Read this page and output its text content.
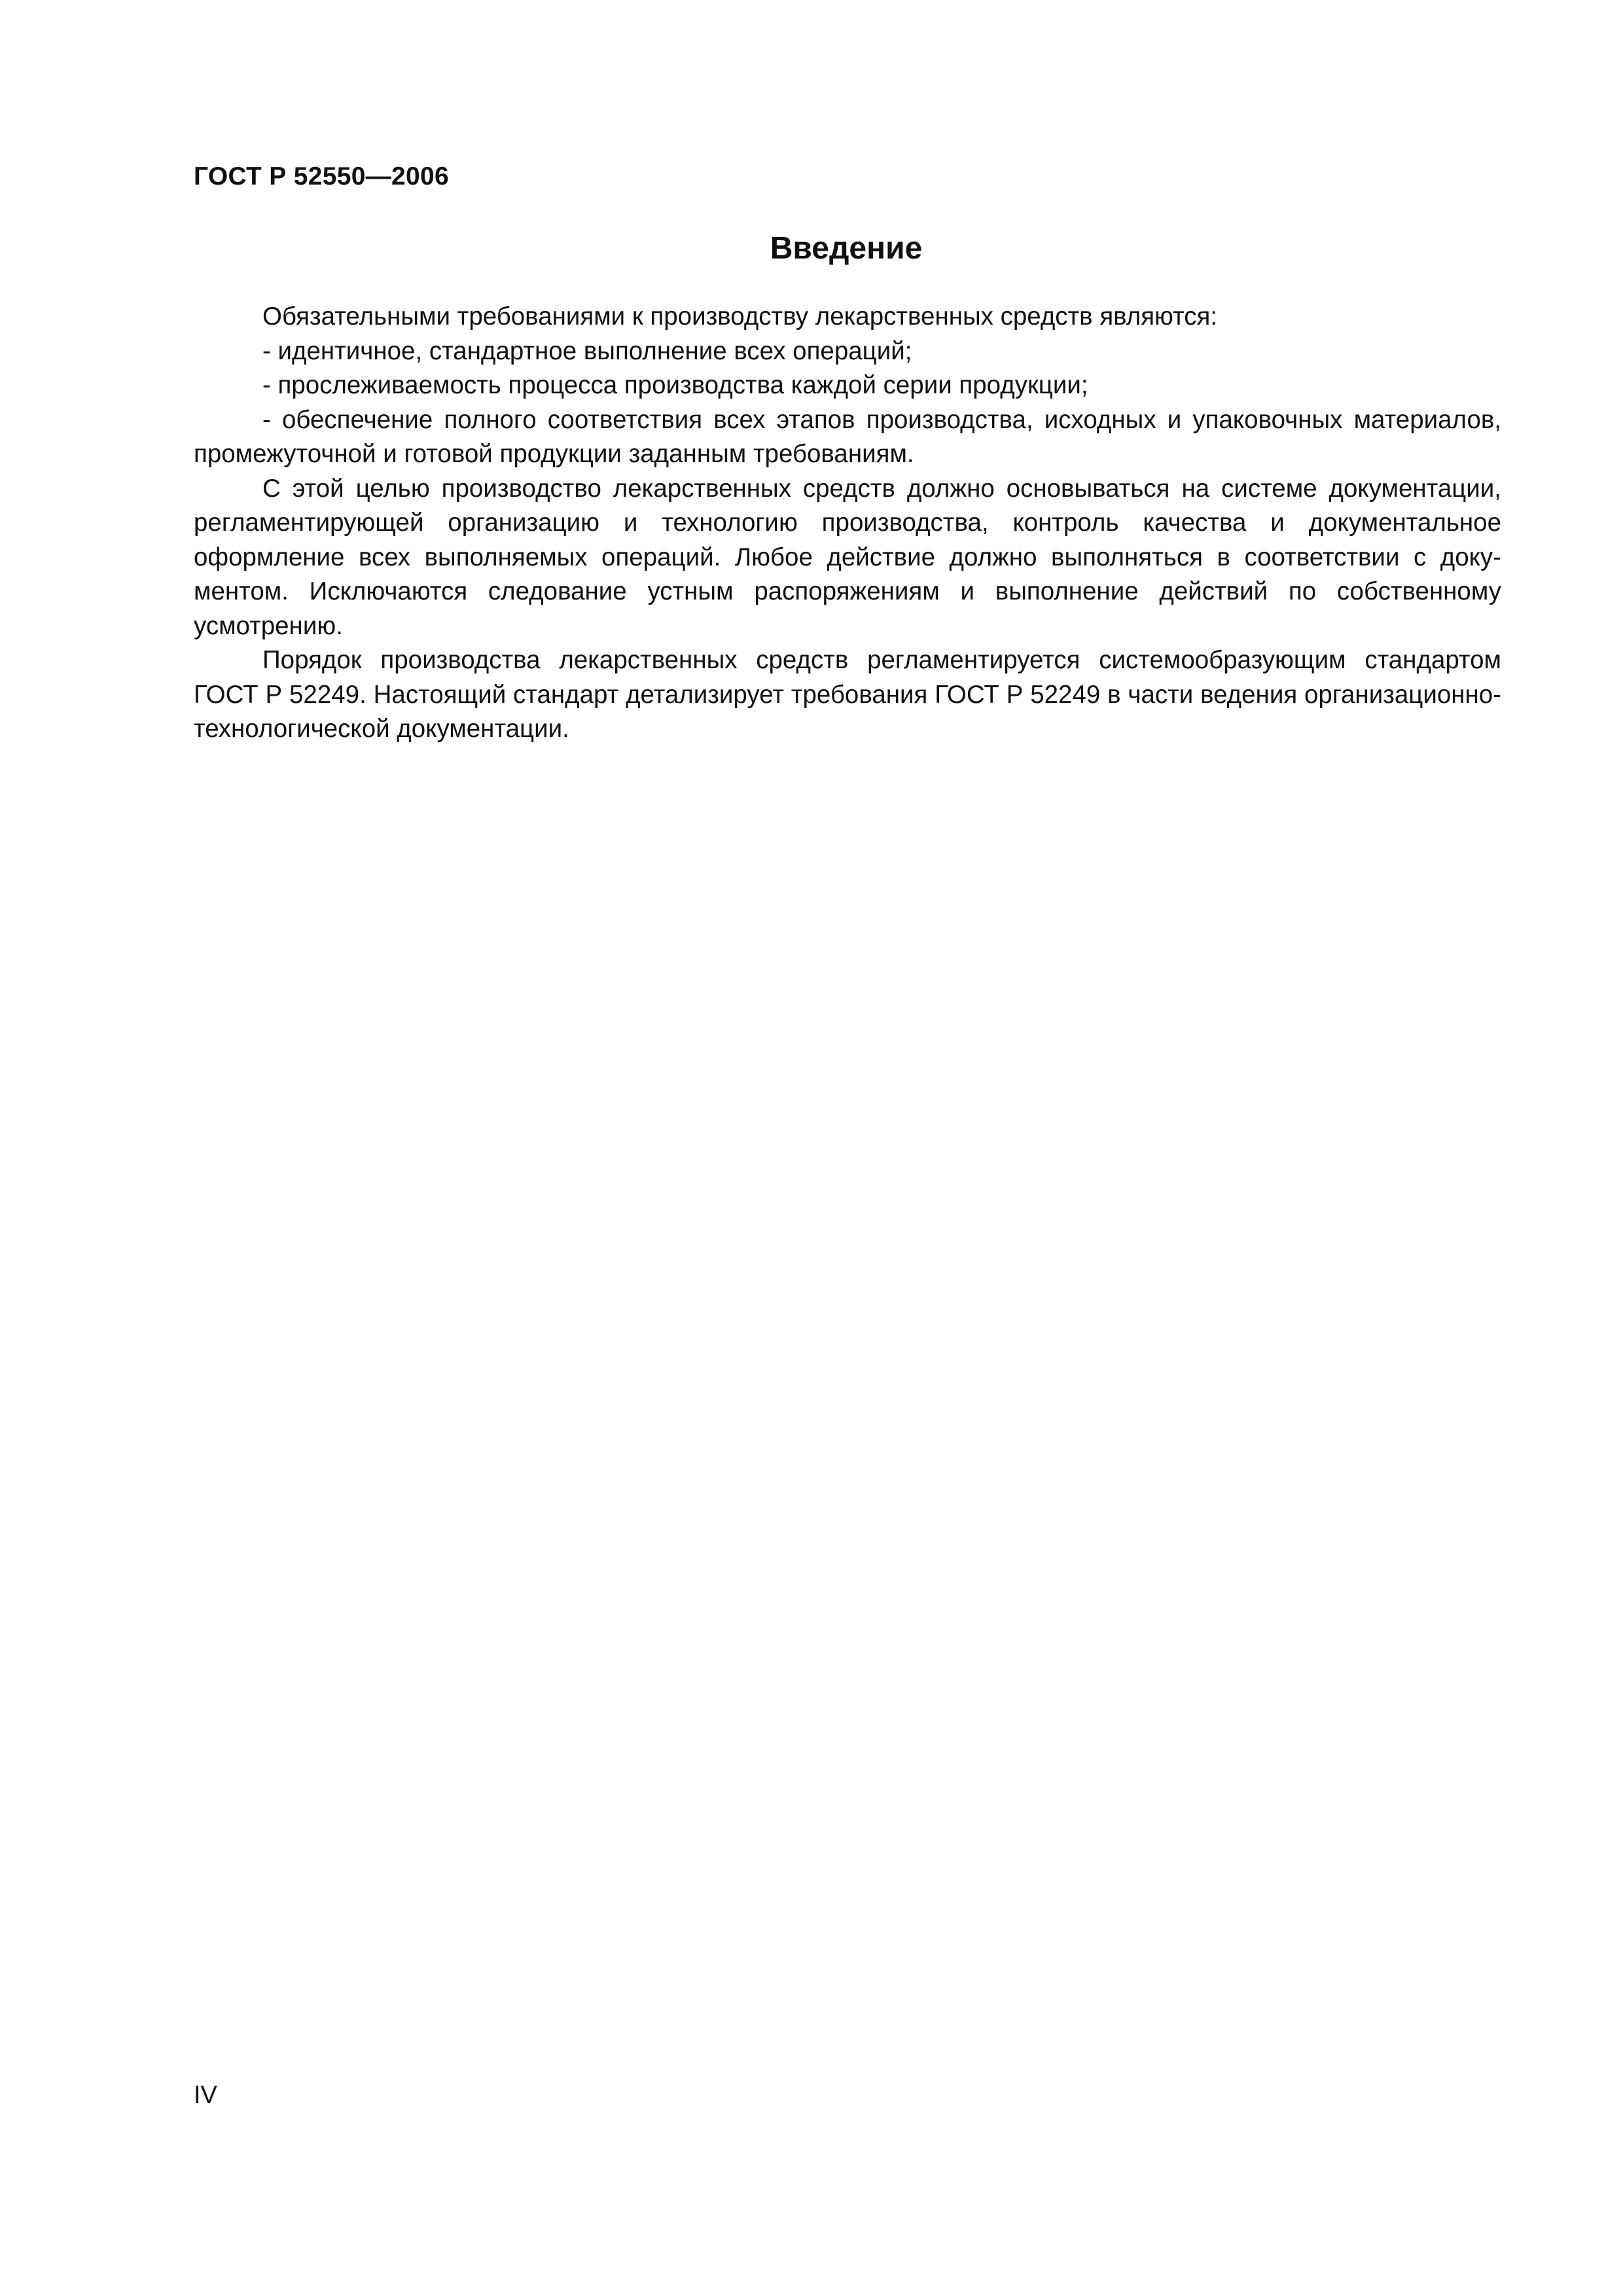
ГОСТ Р 52550—2006
Введение

Обязательными требованиями к производству лекарственных средств являются:

- идентичное, стандартное выполнение всех операций;

- прослеживаемость процесса производства каждой серии продукции;

- обеспечение полного соответствия всех этапов производства, исходных и упаковочных материалов, промежуточной и готовой продукции заданным требованиям.

С этой целью производство лекарственных средств должно основываться на системе документации, регламентирующей организацию и технологию производства, контроль качества и документальное оформление всех выполняемых операций. Любое действие должно выполняться в соответствии с документом. Исключаются следование устным распоряжениям и выполнение действий по собственному усмотрению.

Порядок производства лекарственных средств регламентируется системообразующим стандартом ГОСТ Р 52249. Настоящий стандарт детализирует требования ГОСТ Р 52249 в части ведения организационно-технологической документации.

IV
